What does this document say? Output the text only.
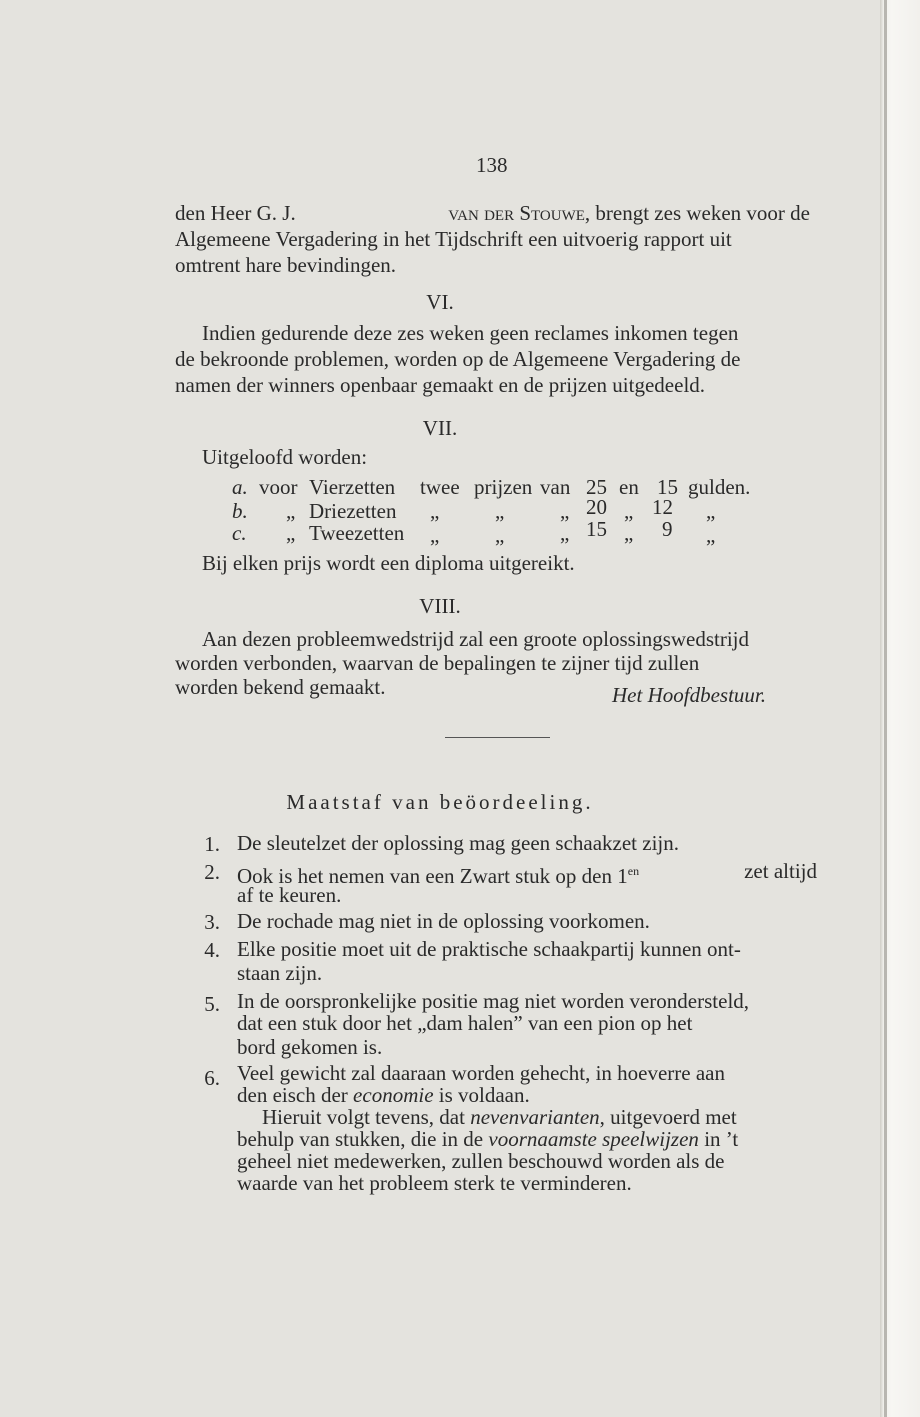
138
den Heer G. J.	van der Stouwe, brengt zes weken voor de
Algemeene Vergadering in het Tijdschrift een uitvoerig rapport uit
omtrent hare bevindingen.
VI.
Indien gedurende deze zes weken geen reclames inkomen tegen
de bekroonde problemen, worden op de Algemeene Vergadering de
namen der winners openbaar gemaakt en de prijzen uitgedeeld.
VII.
Uitgeloofd worden:
a. voor Vierzetten twee prijzen van 25 en 15 gulden.
b. „ Driezetten „	„	„ 20 „ 12 „
c. „ Tweezetten „	„	„ 15 „ 9 „
Bij elken prijs wordt een diploma uitgereikt.
VIII.
Aan dezen probleemwedstrijd zal een groote oplossingswedstrijd
worden verbonden, waarvan de bepalingen te zijner tijd zullen
worden bekend gemaakt.	Het Hoofdbestuur.
Maatstaf van beöordeeling.
1. De sleutelzet der oplossing mag geen schaakzet zijn.
2. Ook is het nemen van een Zwart stuk op den $1^{en}$	zet altijd
af te keuren.
3. De rochade mag niet in de oplossing voorkomen.
4. Elke positie moet uit de praktische schaakpartij kunnen ont-
staan zijn.
5. In de oorspronkelijke positie mag niet worden verondersteld,
dat een stuk door het „dam halen” van een pion op het
bord gekomen is.
6. Veel gewicht zal daaraan worden gehecht, in hoeverre aan
den eisch der economie is voldaan.
Hieruit volgt tevens, dat nevenvarianten, uitgevoerd met
behulp van stukken, die in de voornaamste speelwijzen in ’t
geheel niet medewerken, zullen beschouwd worden als de
waarde van het probleem sterk te verminderen.
